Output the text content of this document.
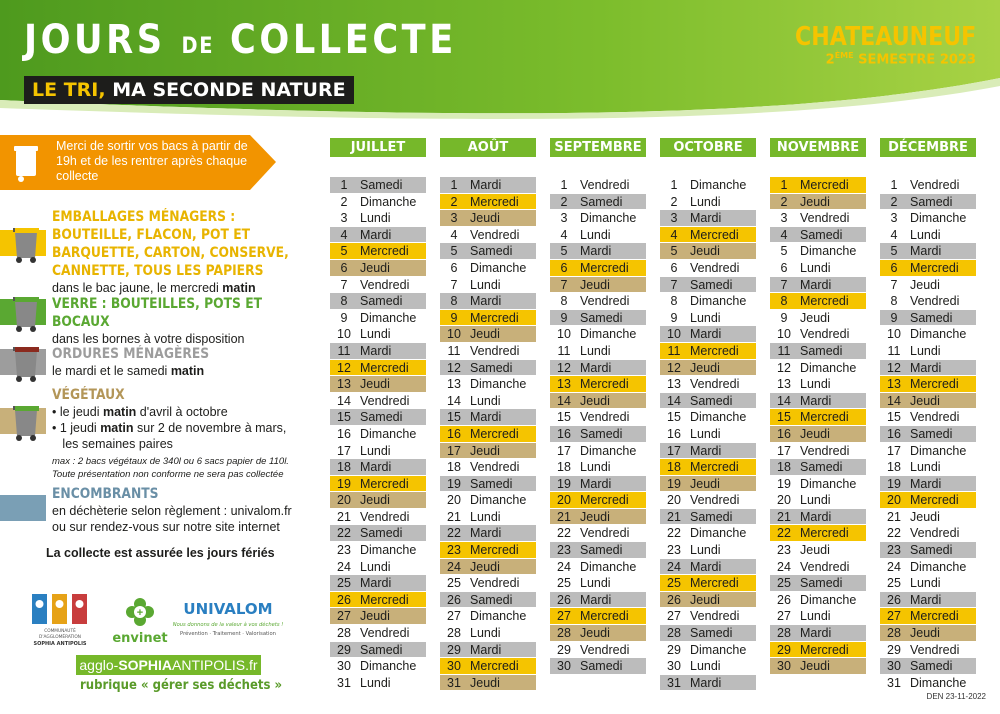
JOURS DE COLLECTE
LE TRI, MA SECONDE NATURE
CHATEAUNEUF
2ÈME SEMESTRE 2023
Merci de sortir vos bacs à partir de 19h et de les rentrer après chaque collecte
EMBALLAGES MÉNAGERS : BOUTEILLE, FLACON, POT ET BARQUETTE, CARTON, CONSERVE, CANNETTE, TOUS LES PAPIERS
dans le bac jaune, le mercredi matin
VERRE : BOUTEILLES, POTS ET BOCAUX
dans les bornes à votre disposition
ORDURES MÉNAGÈRES
le mardi et le samedi matin
VÉGÉTAUX
• le jeudi matin d'avril à octobre
• 1 jeudi matin sur 2 de novembre à mars,
les semaines paires
max : 2 bacs végétaux de 340l ou 6 sacs papier de 110l.
Toute présentation non conforme ne sera pas collectée
ENCOMBRANTS
en déchèterie selon règlement : univalom.fr
ou sur rendez-vous sur notre site internet
La collecte est assurée les jours fériés
COMMUNAUTÉ
D'AGGLOMÉRATION
SOPHIA ANTIPOLIS
+
envinet
UNIVALOM
Nous donnons de la valeur à vos déchets !
Prévention · Traitement · Valorisation
agglo-SOPHIAANTIPOLIS.fr
rubrique « gérer ses déchets »
JUILLET
1	Samedi
2	Dimanche
3	Lundi
4	Mardi
5	Mercredi
6	Jeudi
7	Vendredi
8	Samedi
9	Dimanche
10 Lundi
11 Mardi
12 Mercredi
13 Jeudi
14 Vendredi
15 Samedi
16 Dimanche
17 Lundi
18 Mardi
19 Mercredi
20 Jeudi
21 Vendredi
22 Samedi
23 Dimanche
24 Lundi
25 Mardi
26 Mercredi
27 Jeudi
28 Vendredi
29 Samedi
30 Dimanche
31 Lundi
AOÛT
1	Mardi
2	Mercredi
3	Jeudi
4	Vendredi
5	Samedi
6	Dimanche
7	Lundi
8	Mardi
9	Mercredi
10 Jeudi
11 Vendredi
12 Samedi
13 Dimanche
14 Lundi
15 Mardi
16 Mercredi
17 Jeudi
18 Vendredi
19 Samedi
20 Dimanche
21 Lundi
22 Mardi
23 Mercredi
24 Jeudi
25 Vendredi
26 Samedi
27 Dimanche
28 Lundi
29 Mardi
30 Mercredi
31 Jeudi
SEPTEMBRE
1	Vendredi
2	Samedi
3	Dimanche
4	Lundi
5	Mardi
6	Mercredi
7	Jeudi
8	Vendredi
9	Samedi
10 Dimanche
11 Lundi
12 Mardi
13 Mercredi
14 Jeudi
15 Vendredi
16 Samedi
17 Dimanche
18 Lundi
19 Mardi
20 Mercredi
21 Jeudi
22 Vendredi
23 Samedi
24 Dimanche
25 Lundi
26 Mardi
27 Mercredi
28 Jeudi
29 Vendredi
30 Samedi
OCTOBRE
1	Dimanche
2	Lundi
3	Mardi
4	Mercredi
5	Jeudi
6	Vendredi
7	Samedi
8	Dimanche
9	Lundi
10 Mardi
11 Mercredi
12 Jeudi
13 Vendredi
14 Samedi
15 Dimanche
16 Lundi
17 Mardi
18 Mercredi
19 Jeudi
20 Vendredi
21 Samedi
22 Dimanche
23 Lundi
24 Mardi
25 Mercredi
26 Jeudi
27 Vendredi
28 Samedi
29 Dimanche
30 Lundi
31 Mardi
NOVEMBRE
1	Mercredi
2	Jeudi
3	Vendredi
4	Samedi
5	Dimanche
6	Lundi
7	Mardi
8	Mercredi
9	Jeudi
10 Vendredi
11 Samedi
12 Dimanche
13 Lundi
14 Mardi
15 Mercredi
16 Jeudi
17 Vendredi
18 Samedi
19 Dimanche
20 Lundi
21 Mardi
22 Mercredi
23 Jeudi
24 Vendredi
25 Samedi
26 Dimanche
27 Lundi
28 Mardi
29 Mercredi
30 Jeudi
DÉCEMBRE
1	Vendredi
2	Samedi
3	Dimanche
4	Lundi
5	Mardi
6	Mercredi
7	Jeudi
8	Vendredi
9	Samedi
10 Dimanche
11 Lundi
12 Mardi
13 Mercredi
14 Jeudi
15 Vendredi
16 Samedi
17 Dimanche
18 Lundi
19 Mardi
20 Mercredi
21 Jeudi
22 Vendredi
23 Samedi
24 Dimanche
25 Lundi
26 Mardi
27 Mercredi
28 Jeudi
29 Vendredi
30 Samedi
31 Dimanche
DEN 23-11-2022
